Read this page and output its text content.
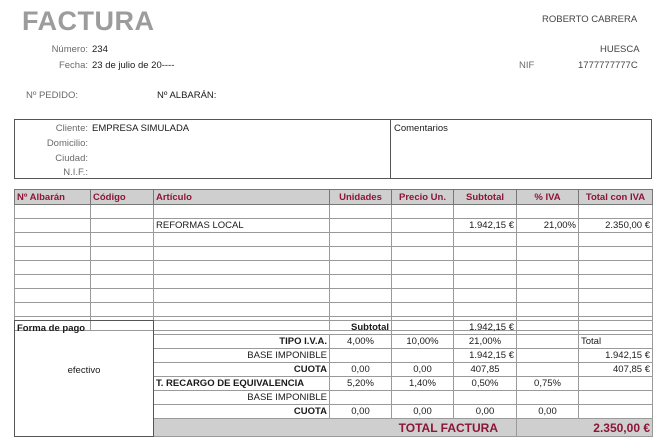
FACTURA	ROBERTO CABRERA
Número: 234	HUESCA
Fecha: 23 de julio de 20----	NIF	1777777777C
Nº PEDIDO:	Nº ALBARÁN:
Cliente: EMPRESA SIMULADA
Domicilio:
Ciudad:
N.I.F.:
Comentarios
Nº Albarán	Código	Artículo	Unidades	Precio Un.	Subtotal	% IVA	Total con IVA

		REFORMAS LOCAL			1.942,15 €	21,00%	2.350,00 €

Forma de pago
efectivo	Subtotal			1.942,15 €		
	TIPO I.V.A.	4,00%	10,00%	21,00%		Total
	BASE IMPONIBLE			1.942,15 €		1.942,15 €
	CUOTA	0,00	0,00	407,85		407,85 €
	T. RECARGO DE EQUIVALENCIA	5,20%	1,40%	0,50%	0,75%	
	BASE IMPONIBLE					
	CUOTA	0,00	0,00	0,00	0,00	
	TOTAL FACTURA				2.350,00 €	
